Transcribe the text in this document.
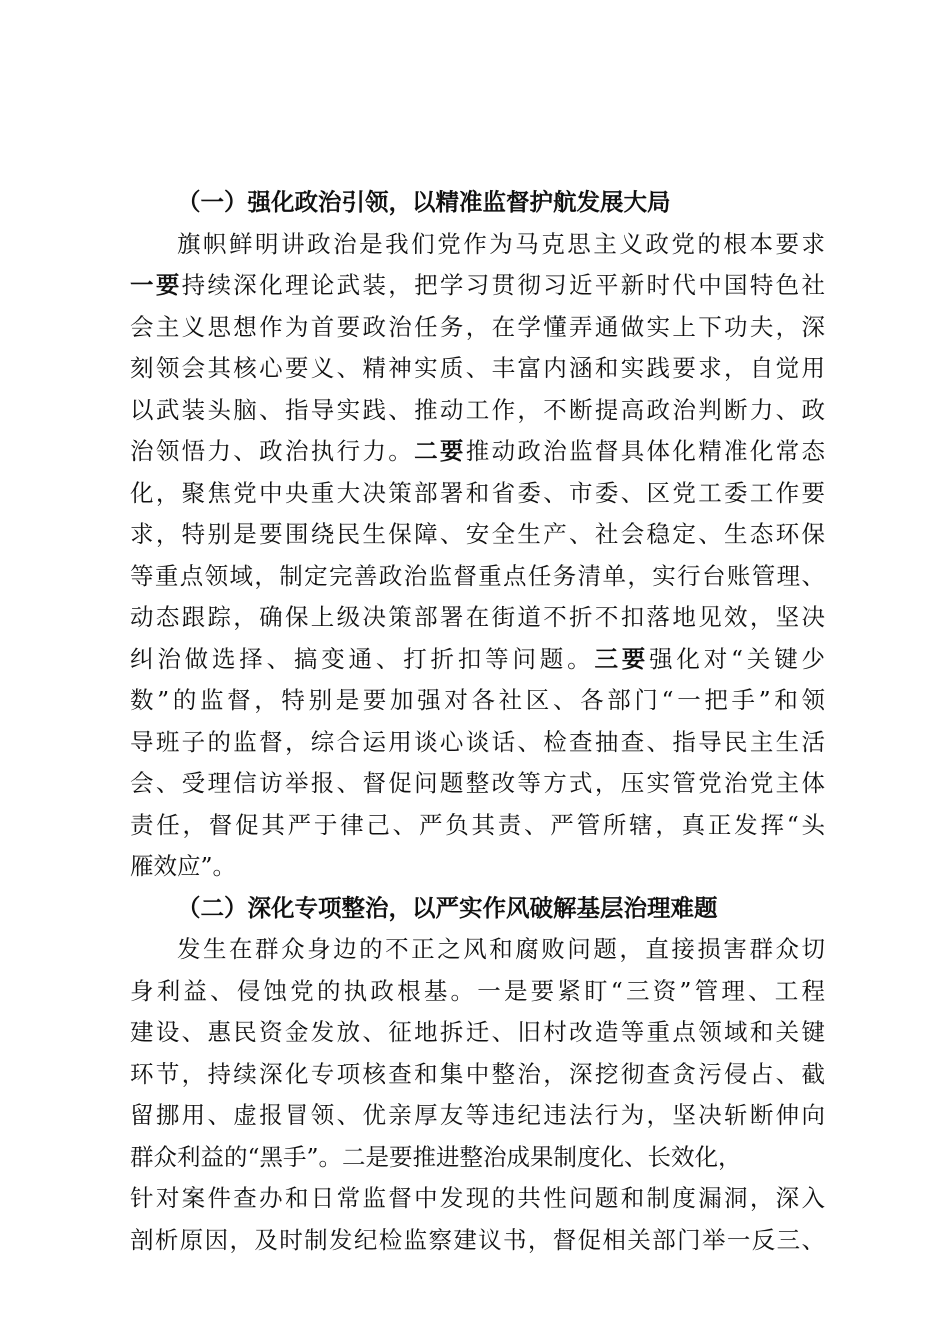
（一）强化政治引领，以精准监督护航发展大局
旗帜鲜明讲政治是我们党作为马克思主义政党的根本要求
一要持续深化理论武装，把学习贯彻习近平新时代中国特色社
会主义思想作为首要政治任务，在学懂弄通做实上下功夫，深
刻领会其核心要义、精神实质、丰富内涵和实践要求，自觉用
以武装头脑、指导实践、推动工作，不断提高政治判断力、政
治领悟力、政治执行力。二要推动政治监督具体化精准化常态
化，聚焦党中央重大决策部署和省委、市委、区党工委工作要
求，特别是要围绕民生保障、安全生产、社会稳定、生态环保
等重点领域，制定完善政治监督重点任务清单，实行台账管理、
动态跟踪，确保上级决策部署在街道不折不扣落地见效，坚决
纠治做选择、搞变通、打折扣等问题。三要强化对“关键少
数”的监督，特别是要加强对各社区、各部门“一把手”和领
导班子的监督，综合运用谈心谈话、检查抽查、指导民主生活
会、受理信访举报、督促问题整改等方式，压实管党治党主体
责任，督促其严于律己、严负其责、严管所辖，真正发挥“头
雁效应”。
（二）深化专项整治，以严实作风破解基层治理难题
发生在群众身边的不正之风和腐败问题，直接损害群众切
身利益、侵蚀党的执政根基。一是要紧盯“三资”管理、工程
建设、惠民资金发放、征地拆迁、旧村改造等重点领域和关键
环节，持续深化专项核查和集中整治，深挖彻查贪污侵占、截
留挪用、虚报冒领、优亲厚友等违纪违法行为，坚决斩断伸向
群众利益的“黑手”。二是要推进整治成果制度化、长效化，
针对案件查办和日常监督中发现的共性问题和制度漏洞，深入
剖析原因，及时制发纪检监察建议书，督促相关部门举一反三、
